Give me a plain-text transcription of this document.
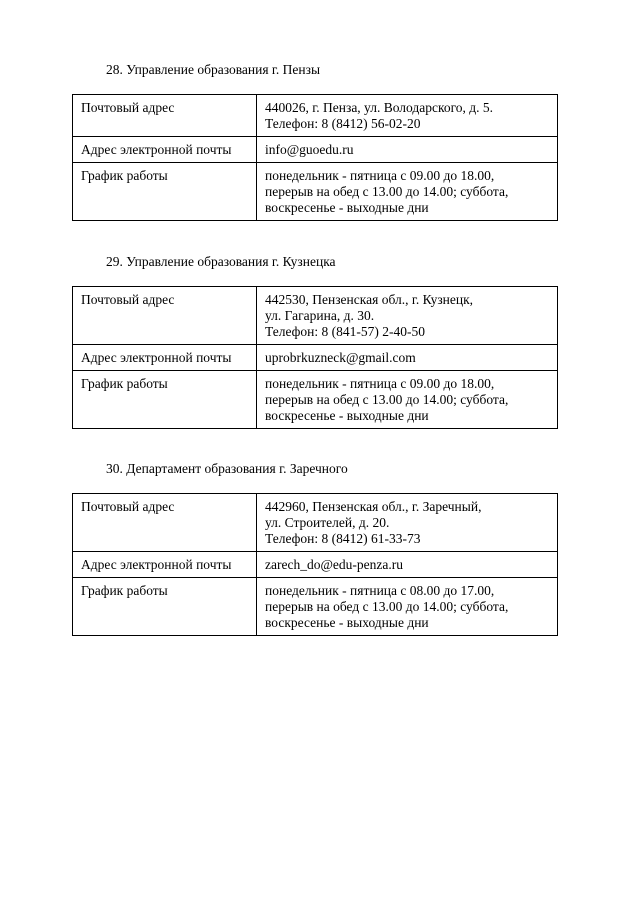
28. Управление образования г. Пензы
Почтовый адрес	440026, г. Пенза, ул. Володарского, д. 5.
Телефон: 8 (8412) 56-02-20

Адрес электронной почты	info@guoedu.ru
График работы	понедельник - пятница с 09.00 до 18.00,
перерыв на обед с 13.00 до 14.00; суббота,
воскресенье - выходные дни
29. Управление образования г. Кузнецка
Почтовый адрес	442530, Пензенская обл., г. Кузнецк,
ул. Гагарина, д. 30.
Телефон: 8 (841-57) 2-40-50

Адрес электронной почты	uprobrkuzneck@gmail.com
График работы	понедельник - пятница с 09.00 до 18.00,
перерыв на обед с 13.00 до 14.00; суббота,
воскресенье - выходные дни
30. Департамент образования г. Заречного
Почтовый адрес	442960, Пензенская обл., г. Заречный,
ул. Строителей, д. 20.
Телефон: 8 (8412) 61-33-73

Адрес электронной почты	zarech_do@edu-penza.ru
График работы	понедельник - пятница с 08.00 до 17.00,
перерыв на обед с 13.00 до 14.00; суббота,
воскресенье - выходные дни
